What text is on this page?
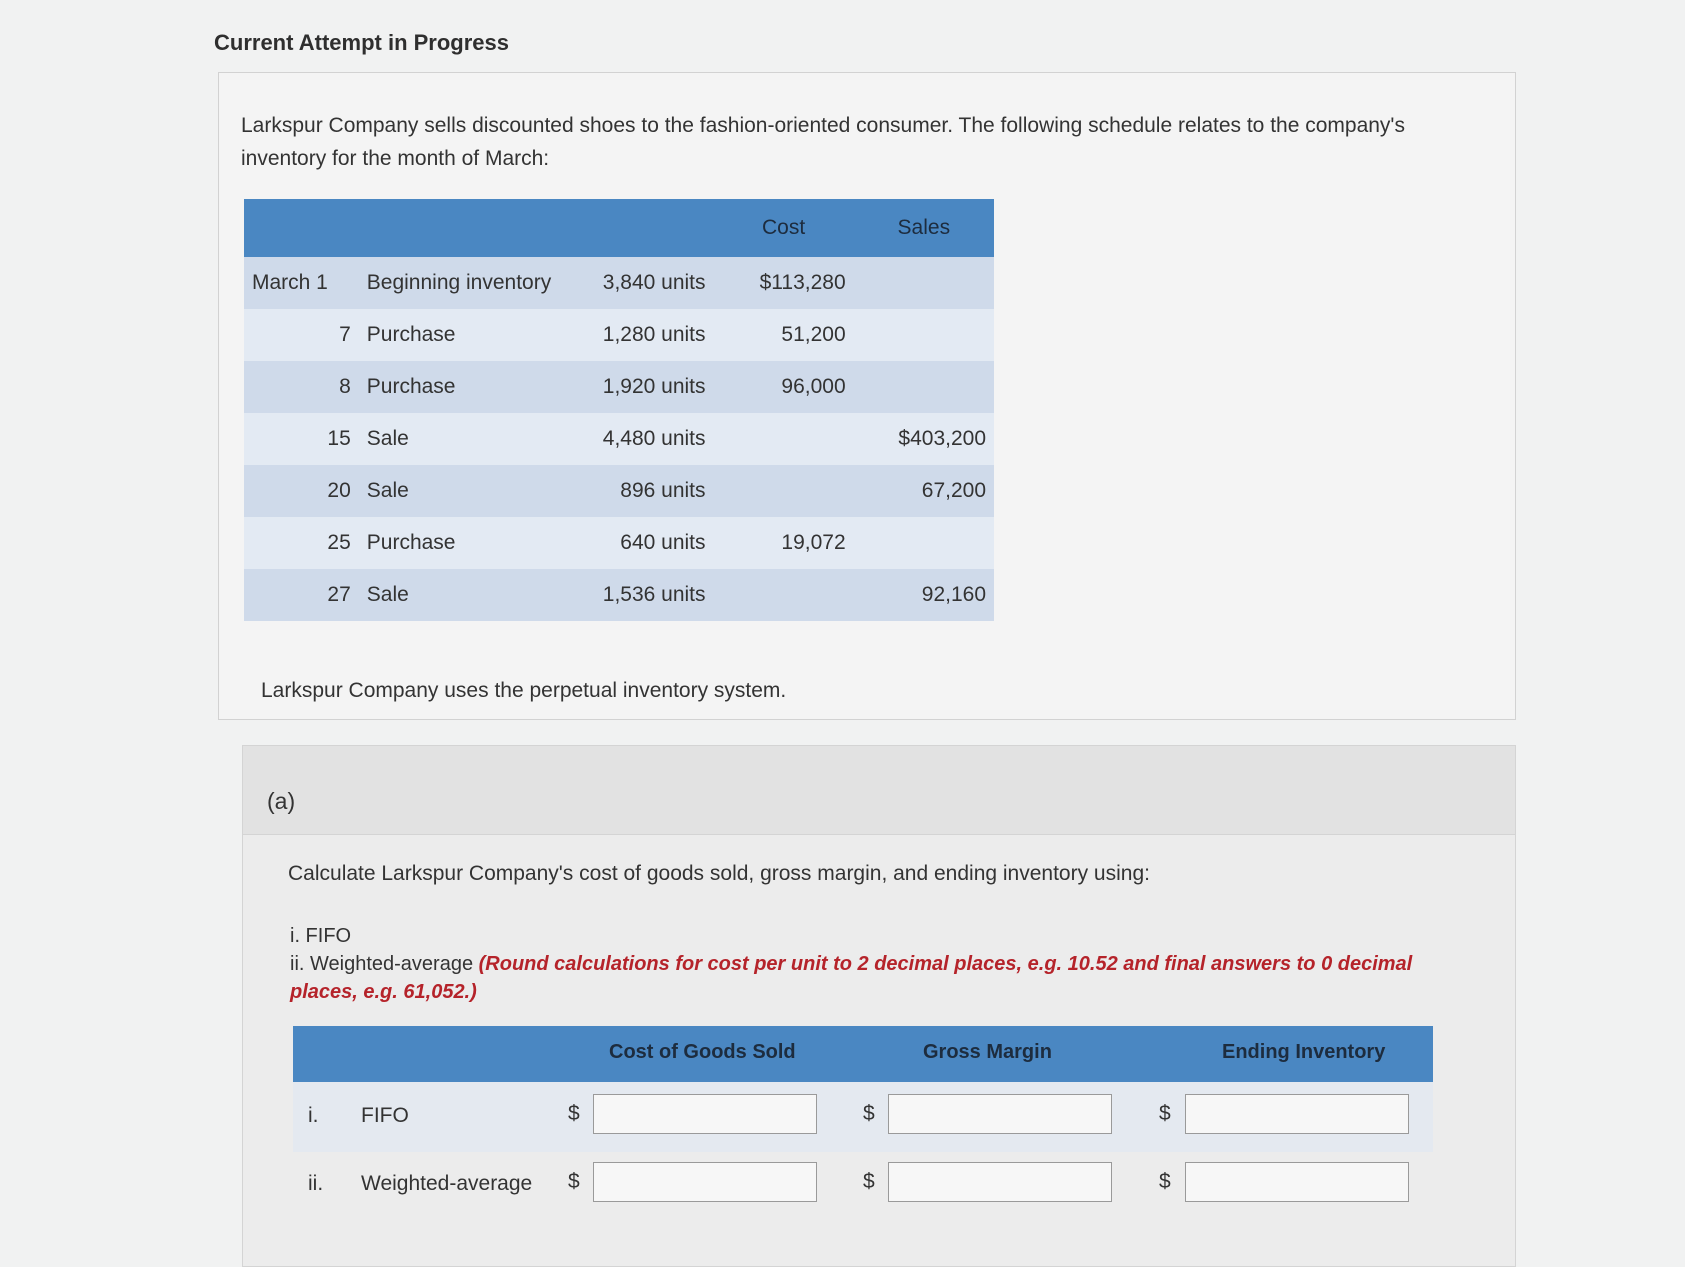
Current Attempt in Progress
Larkspur Company sells discounted shoes to the fashion-oriented consumer. The following schedule relates to the company's inventory for the month of March:
			Cost	Sales
March 1	Beginning inventory	3,840 units	$113,280	
7	Purchase	1,280 units	51,200	
8	Purchase	1,920 units	96,000	
15	Sale	4,480 units		$403,200
20	Sale	896 units		67,200
25	Purchase	640 units	19,072	
27	Sale	1,536 units		92,160
Larkspur Company uses the perpetual inventory system.
(a)
Calculate Larkspur Company's cost of goods sold, gross margin, and ending inventory using:
i. FIFO
ii. Weighted-average (Round calculations for cost per unit to 2 decimal places, e.g. 10.52 and final answers to 0 decimal places, e.g. 61,052.)
Cost of Goods Sold	Gross Margin	Ending Inventory
i. FIFO	$	$	$
ii. Weighted-average $	$	$
